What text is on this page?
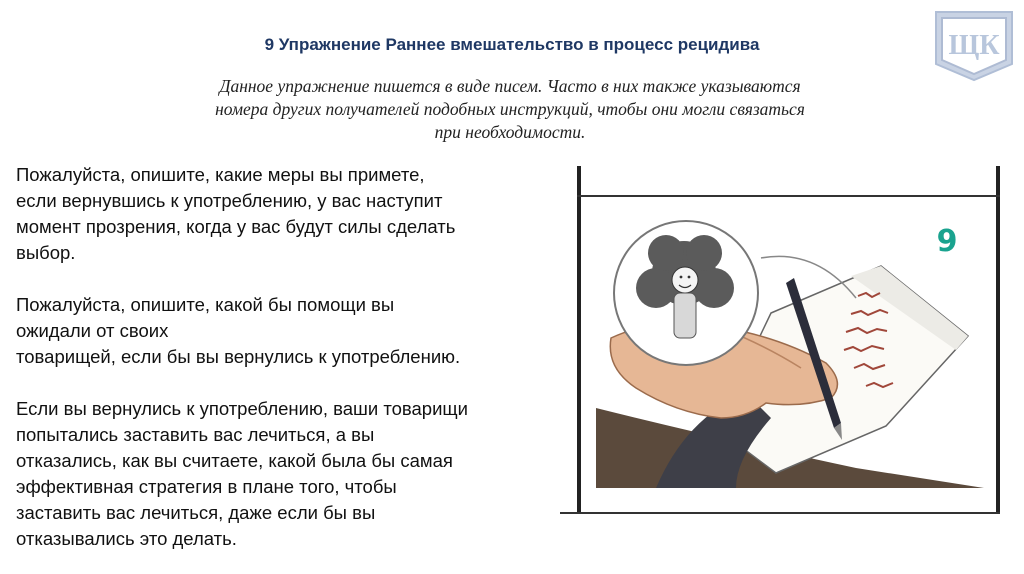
9 Упражнение Раннее вмешательство в процесс рецидива
Данное упражнение пишется в виде писем. Часто в них также указываются
номера других получателей подобных инструкций, чтобы они могли связаться
при необходимости.
ЩК

Пожалуйста, опишите, какие меры вы примете,
если вернувшись к употреблению, у вас наступит
момент прозрения, когда у вас будут силы сделать
выбор.

Пожалуйста, опишите, какой бы помощи вы
ожидали от своих
товарищей, если бы вы вернулись к употреблению.

Если вы вернулись к употреблению, ваши товарищи
попытались заставить вас лечиться, а вы
отказались, как вы считаете, какой была бы самая
эффективная стратегия в плане того, чтобы
заставить вас лечиться, даже если бы вы
отказывались это делать.

9
